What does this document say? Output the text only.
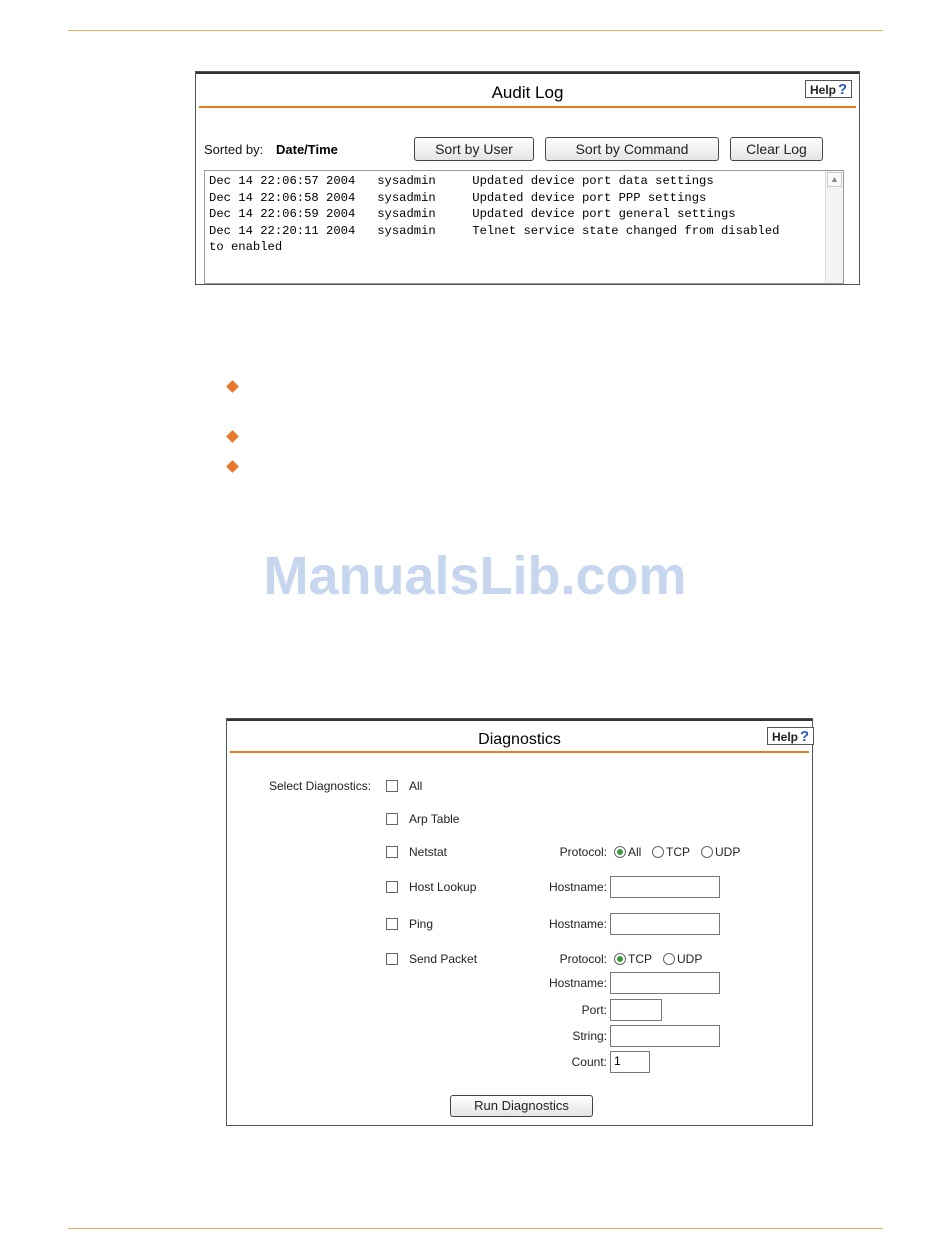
Audit Log	Help ?
Sorted by: Date/Time	Sort by User	Sort by Command	Clear Log
Dec 14 22:06:57 2004   sysadmin     Updated device port data settings
Dec 14 22:06:58 2004   sysadmin     Updated device port PPP settings
Dec 14 22:06:59 2004   sysadmin     Updated device port general settings
Dec 14 22:20:11 2004   sysadmin     Telnet service state changed from disabled
to enabled
▲
ManualsLib.com
Diagnostics	Help ?
Select Diagnostics:	All
Arp Table
Netstat	Protocol: All TCP UDP
Host Lookup	Hostname:
Ping	Hostname:
Send Packet	Protocol: TCP UDP
Hostname:
Port:
String:
Count: 1
Run Diagnostics
